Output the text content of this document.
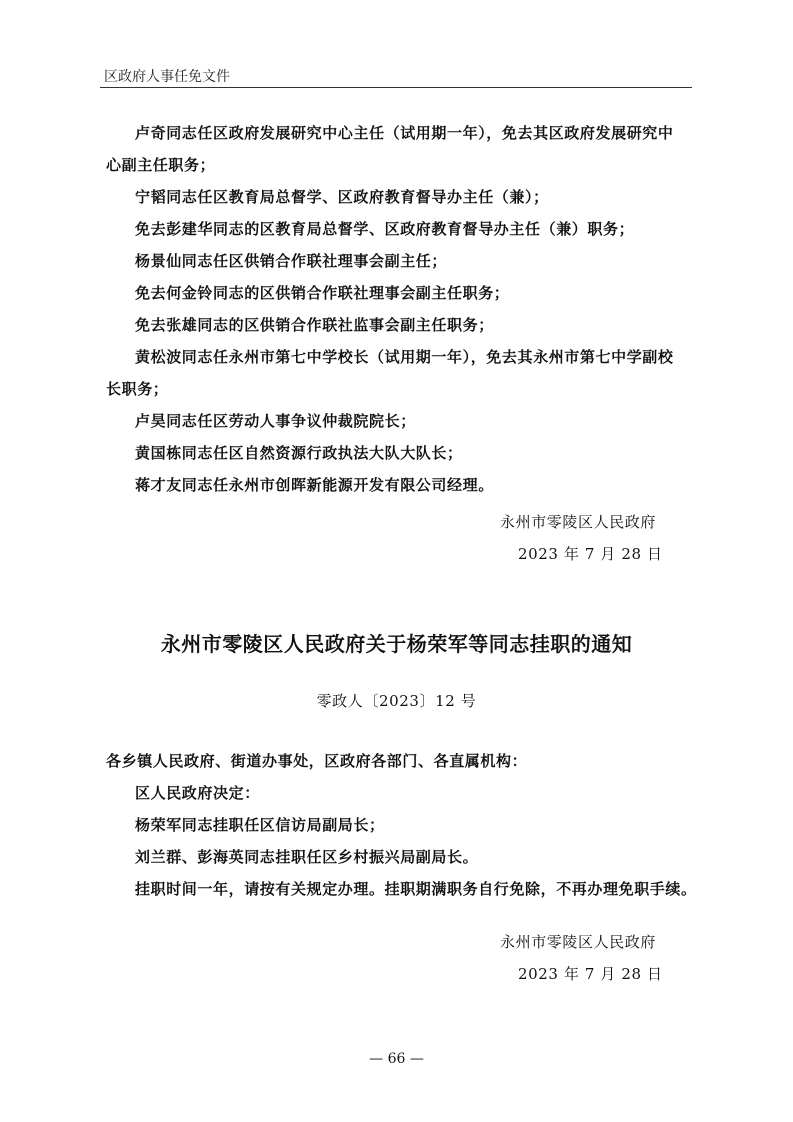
区政府人事任免文件
卢奇同志任区政府发展研究中心主任（试用期一年），免去其区政府发展研究中
心副主任职务；
宁韬同志任区教育局总督学、区政府教育督导办主任（兼）；
免去彭建华同志的区教育局总督学、区政府教育督导办主任（兼）职务；
杨景仙同志任区供销合作联社理事会副主任；
免去何金铃同志的区供销合作联社理事会副主任职务；
免去张雄同志的区供销合作联社监事会副主任职务；
黄松波同志任永州市第七中学校长（试用期一年），免去其永州市第七中学副校
长职务；
卢昊同志任区劳动人事争议仲裁院院长；
黄国栋同志任区自然资源行政执法大队大队长；
蒋才友同志任永州市创晖新能源开发有限公司经理。
永州市零陵区人民政府
2023 年 7 月 28 日
永州市零陵区人民政府关于杨荣军等同志挂职的通知
零政人〔2023〕12 号
各乡镇人民政府、街道办事处，区政府各部门、各直属机构：
区人民政府决定：
杨荣军同志挂职任区信访局副局长；
刘兰群、彭海英同志挂职任区乡村振兴局副局长。
挂职时间一年，请按有关规定办理。挂职期满职务自行免除，不再办理免职手续。
永州市零陵区人民政府
2023 年 7 月 28 日
— 66 —
